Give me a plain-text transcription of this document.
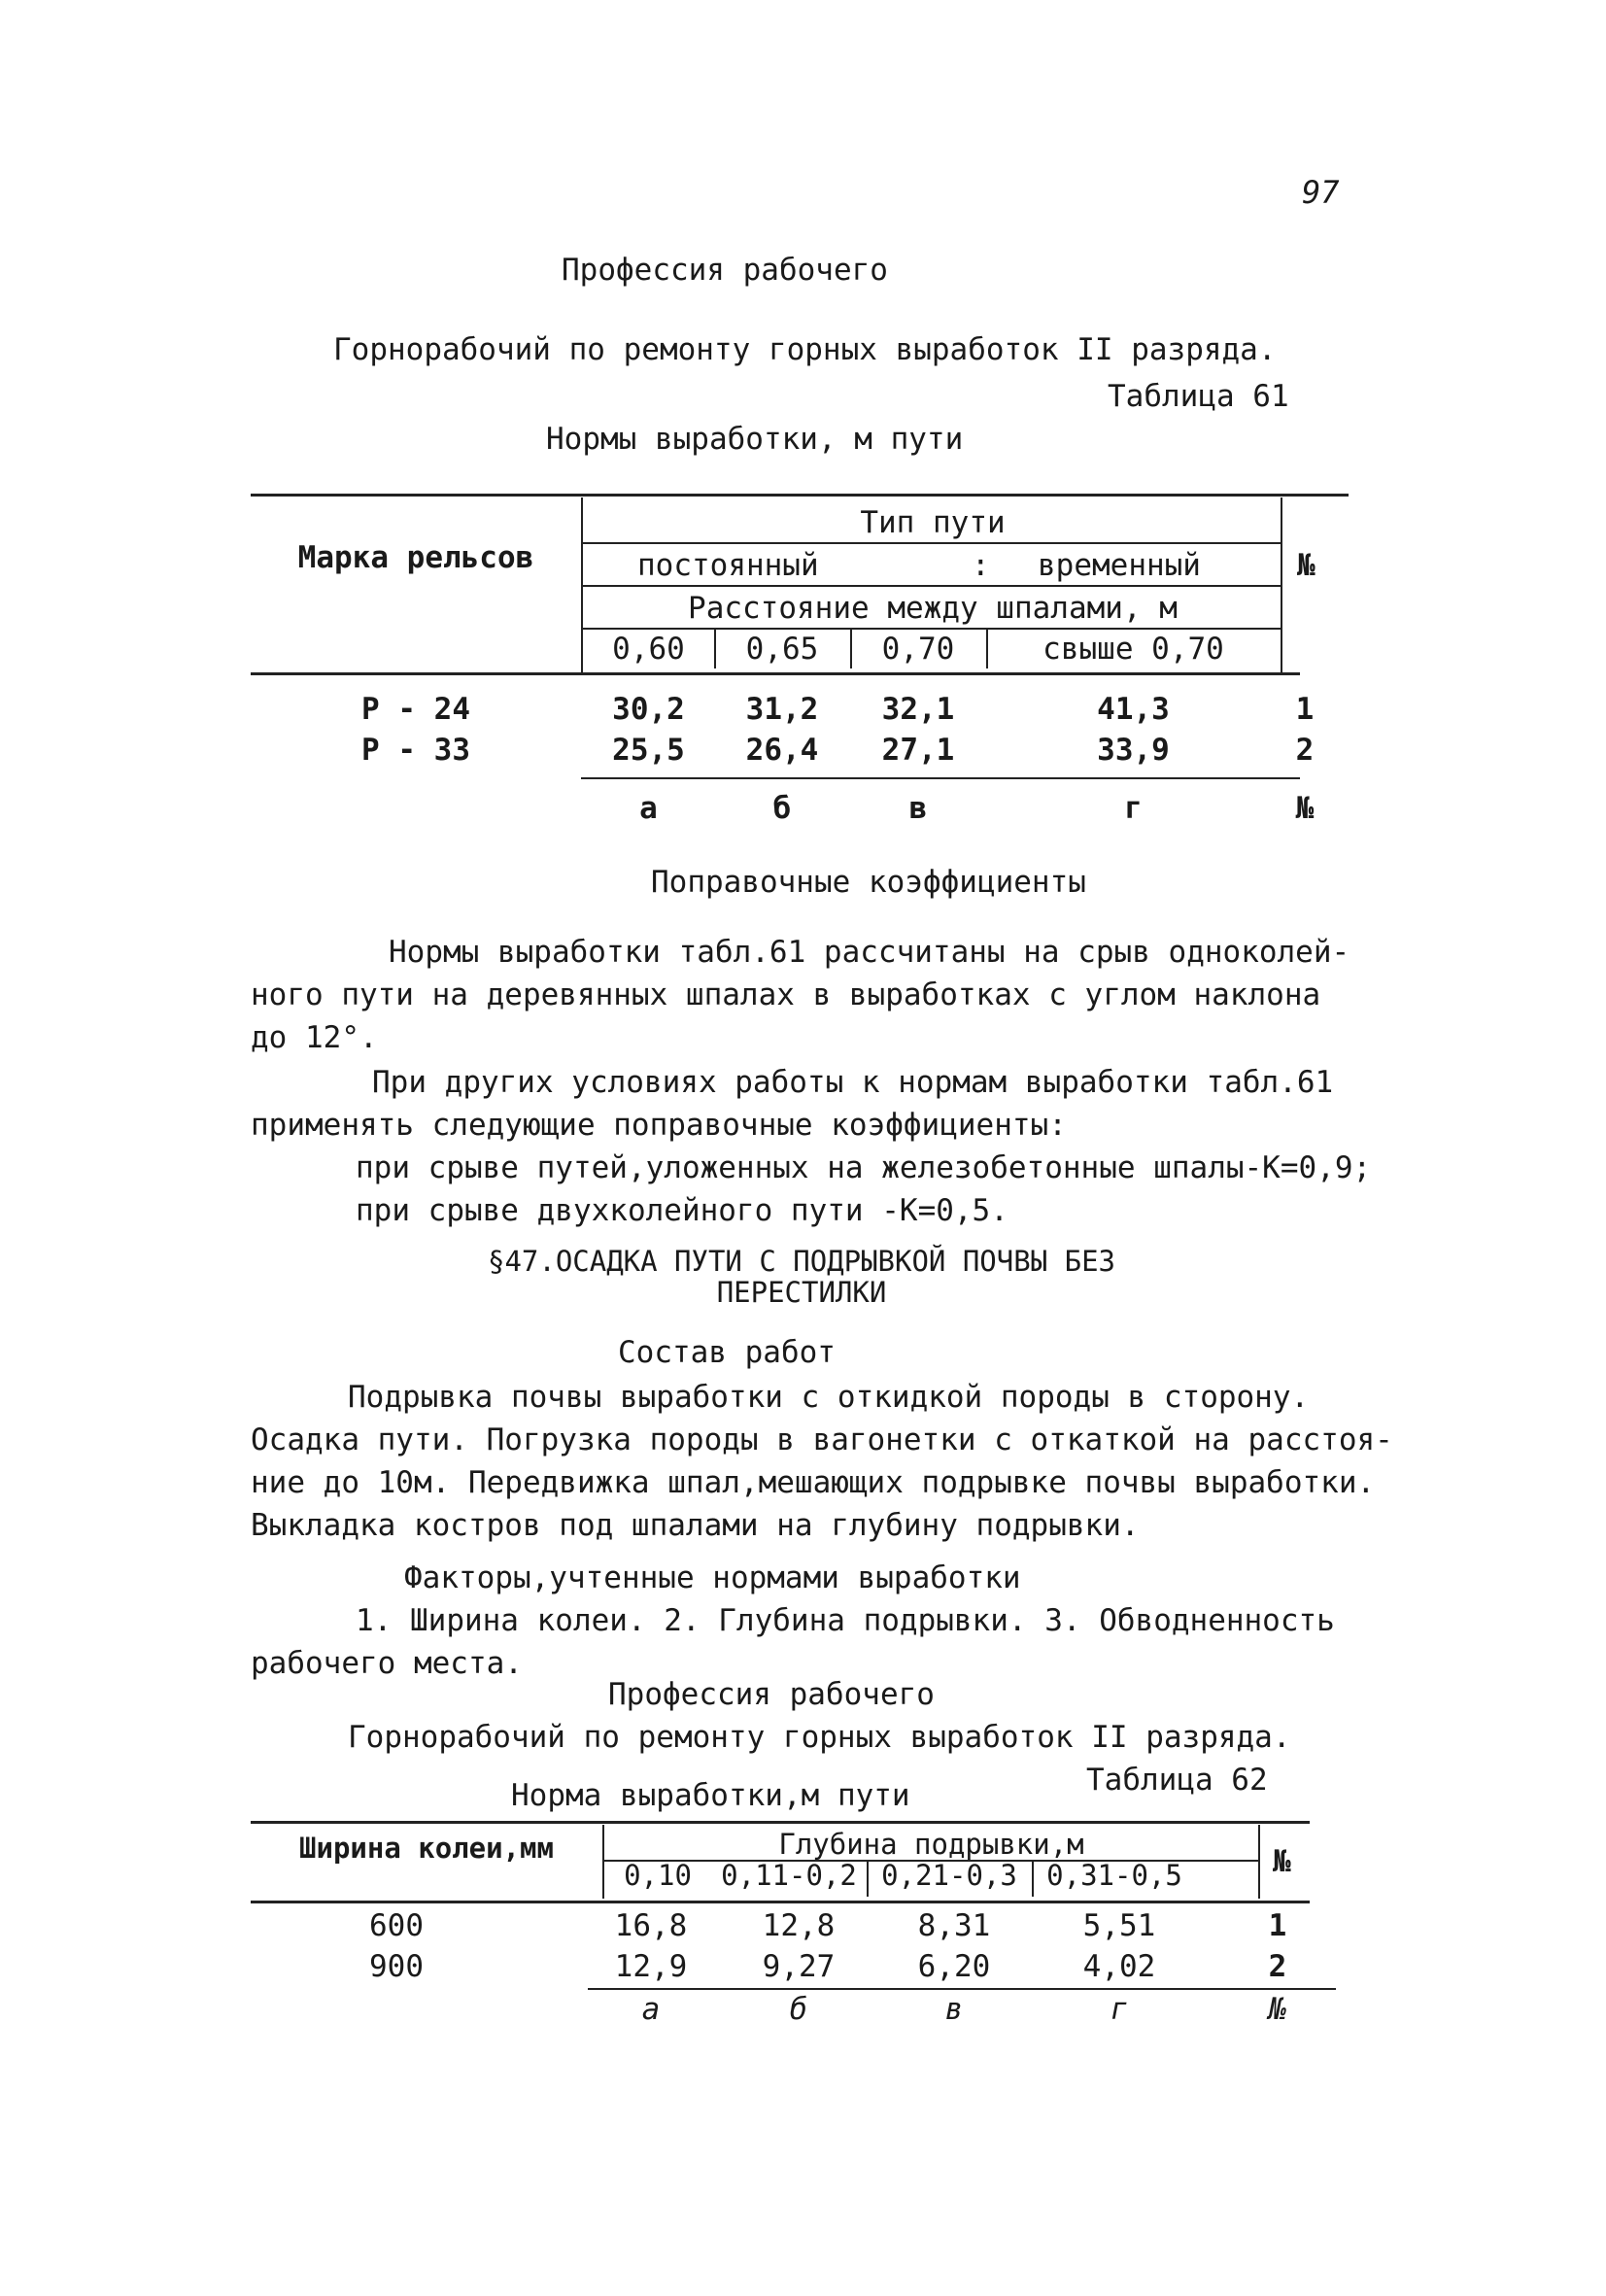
97
Профессия рабочего
Горнорабочий по ремонту горных выработок II разряда.
Таблица 61
Нормы выработки, м пути
Марка рельсов
Тип пути
постоянный	: временный
Расстояние между шпалами, м
№
0,60	0,65	0,70	свыше 0,70
Р - 24	30,2	31,2	32,1	41,3	1
Р - 33	25,5	26,4	27,1	33,9	2
а	б	в	г	№
Поправочные коэффициенты
Нормы выработки табл.61 рассчитаны на срыв одноколей-
ного пути на деревянных шпалах в выработках с углом наклона
до 12°.
При других условиях работы к нормам выработки табл.61
применять следующие поправочные коэффициенты:
при срыве путей,уложенных на железобетонные шпалы-К=0,9;
при срыве двухколейного пути -К=0,5.
§47.ОСАДКА ПУТИ С ПОДРЫВКОЙ ПОЧВЫ БЕЗ
ПЕРЕСТИЛКИ
Состав работ
Подрывка почвы выработки с откидкой породы в сторону.
Осадка пути. Погрузка породы в вагонетки с откаткой на расстоя-
ние до 10м. Передвижка шпал,мешающих подрывке почвы выработки.
Выкладка костров под шпалами на глубину подрывки.
Факторы,учтенные нормами выработки
1. Ширина колеи. 2. Глубина подрывки. 3. Обводненность
рабочего места.
Профессия рабочего
Горнорабочий по ремонту горных выработок II разряда.
Таблица 62
Норма выработки,м пути
Ширина колеи,мм	Глубина подрывки,м	№
0,10	0,11-0,2 0,21-0,3	0,31-0,5
600	16,8	12,8	8,31	5,51	1
900	12,9	9,27	6,20	4,02	2
а	б	в	г	№
